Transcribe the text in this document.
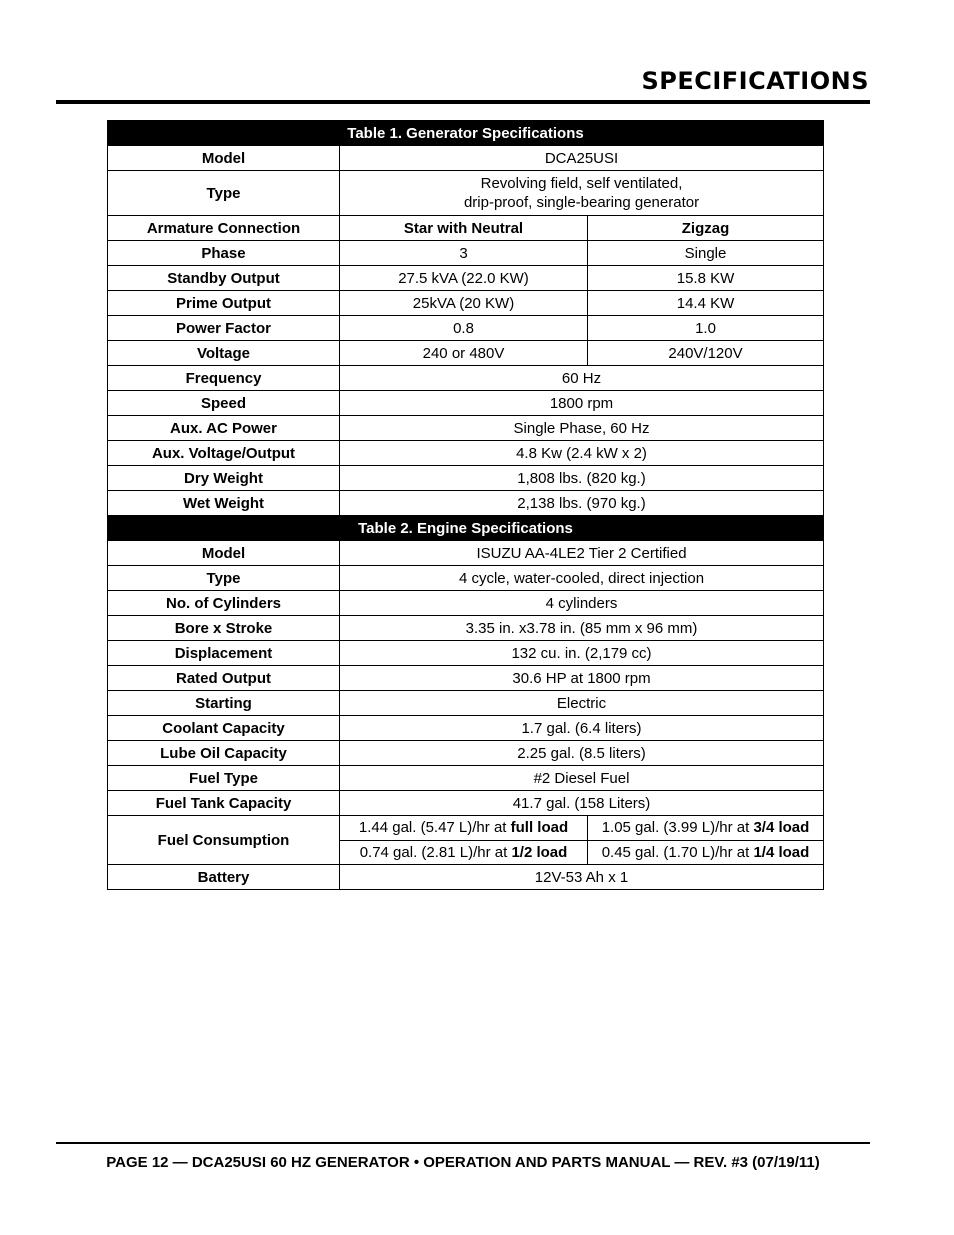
SPECIFICATIONS
Table 1. Generator Specifications		
Model	DCA25USI	
Type	Revolving field, self ventilated,
drip-proof, single-bearing generator	

Armature Connection	Star with Neutral	Zigzag
Phase	3	Single
Standby Output	27.5 kVA (22.0 KW)	15.8 KW
Prime Output	25kVA (20 KW)	14.4 KW
Power Factor	0.8	1.0
Voltage	240 or 480V	240V/120V
Frequency	60 Hz	
Speed	1800 rpm	
Aux. AC Power	Single Phase, 60 Hz	
Aux. Voltage/Output	4.8 Kw (2.4 kW x 2)	
Dry Weight	1,808 lbs. (820 kg.)	
Wet Weight	2,138 lbs. (970 kg.)	
Table 2. Engine Specifications		
Model	ISUZU AA-4LE2 Tier 2 Certified	
Type	4 cycle, water-cooled, direct injection	
No. of Cylinders	4 cylinders	
Bore x Stroke	3.35 in. x3.78 in. (85 mm x 96 mm)	
Displacement	132 cu. in. (2,179 cc)	
Rated Output	30.6 HP at 1800 rpm	
Starting	Electric	
Coolant Capacity	1.7 gal. (6.4 liters)	
Lube Oil Capacity	2.25 gal. (8.5 liters)	
Fuel Type	#2 Diesel Fuel	
Fuel Tank Capacity	41.7 gal. (158 Liters)	
Fuel Consumption	1.44 gal. (5.47 L)/hr at full load	1.05 gal. (3.99 L)/hr at 3/4 load
	0.74 gal. (2.81 L)/hr at 1/2 load	0.45 gal. (1.70 L)/hr at 1/4 load
Battery	12V-53 Ah x 1	
PAGE 12 — DCA25USI 60 HZ GENERATOR • OPERATION AND PARTS MANUAL — REV. #3 (07/19/11)
